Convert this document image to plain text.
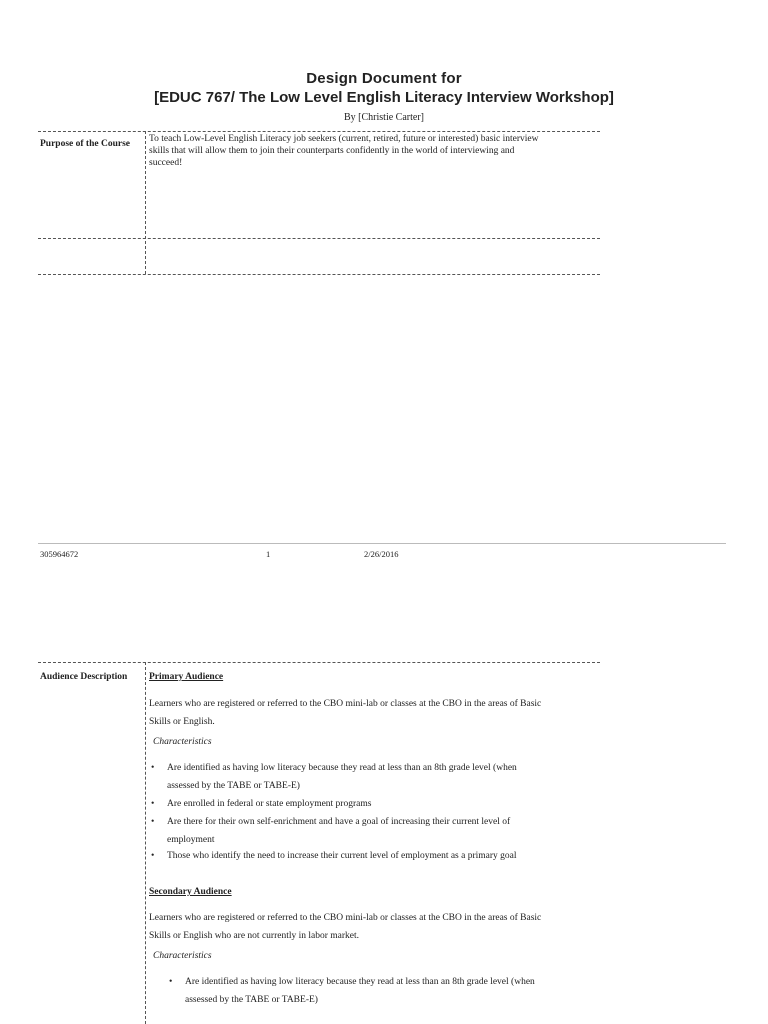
Design Document for
[EDUC 767/ The Low Level English Literacy Interview Workshop]
By [Christie Carter]
Purpose of the Course To teach Low-Level English Literacy job seekers (current, retired, future or interested) basic interview
skills that will allow them to join their counterparts confidently in the world of interviewing and
succeed!
305964672	1	2/26/2016
Audience Description Primary Audience

Learners who are registered or referred to the CBO mini-lab or classes at the CBO in the areas of Basic
Skills or English.

Characteristics
• Are identified as having low literacy because they read at less than an 8th grade level (when
assessed by the TABE or TABE-E)
• Are enrolled in federal or state employment programs
• Are there for their own self-enrichment and have a goal of increasing their current level of
employment
• Those who identify the need to increase their current level of employment as a primary goal
Secondary Audience

Learners who are registered or referred to the CBO mini-lab or classes at the CBO in the areas of Basic
Skills or English who are not currently in labor market.

Characteristics
• Are identified as having low literacy because they read at less than an 8th grade level (when
assessed by the TABE or TABE-E)
